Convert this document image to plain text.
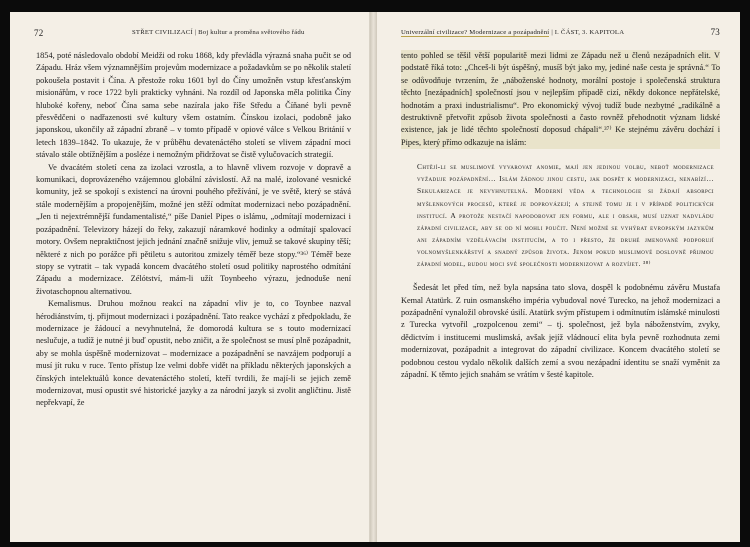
72	STŘET CIVILIZACÍ | Boj kultur a proměna světového řádu

1854, poté následovalo období Meidži od roku 1868, kdy převládla výrazná snaha pučit se od Západu. Hráz všem významnějším projevům modernizace a požadavkům se po několik staletí pokoušela postavit i Čína. A přestože roku 1601 byl do Číny umožněn vstup křesťanským misionářům, v roce 1722 byli prakticky vyhnáni. Na rozdíl od Japonska měla politika Číny hluboké kořeny, neboť Čína sama sebe nazírala jako říše Středu a Číňané byli pevně přesvědčeni o nadřazenosti své kultury všem ostatním. Čínskou izolaci, podobně jako japonskou, ukončily až západní zbraně – v tomto případě v opiové válce s Velkou Británií v letech 1839–1842. To ukazuje, že v průběhu devatenáctého století se vlivem západní moci stávalo stále obtížnějším a posléze i nemožným přidržovat se čistě vylučovacích strategií.

Ve dvacátém století cena za izolaci vzrostla, a to hlavně vlivem rozvoje v dopravě a komunikaci, doprovázeného vzájemnou globální závislostí. Až na malé, izolované vesnické komunity, jež se spokojí s existencí na úrovni pouhého přežívání, je ve světě, který se stává stále modernějším a propojenějším, možné jen stěží odmítat modernizaci nebo pozápadnění. „Jen ti nejextrémnější fundamentalisté,“ píše Daniel Pipes o islámu, „odmítají modernizaci i pozápadnění. Televizory házejí do řeky, zakazují náramkové hodinky a odmítají spalovací motory. Ovšem nepraktičnost jejich jednání značně snižuje vliv, jemuž se takové skupiny těší; některé z nich po porážce při pětiletu s autoritou zmizely téměř beze stopy.“³⁶⁾ Téměř beze stopy se vytratit – tak vypadá koncem dvacátého století osud politiky naprostého odmítání Západu a modernizace. Zélótství, mám-li užít Toynbeeho výrazu, jednoduše není životaschopnou alternativou.

Kemalismus. Druhou možnou reakcí na západní vliv je to, co Toynbee nazval hérodiánstvím, tj. přijmout modernizaci i pozápadnění. Tato reakce vychází z předpokladu, že modernizace je žádoucí a nevyhnutelná, že domorodá kultura se s touto modernizací neslučuje, a tudíž je nutné ji buď opustit, nebo zničit, a že společnost se musí plně pozápadnit, aby se mohla úspěšně modernizovat – modernizace a pozápadnění se navzájem podporují a musí jít ruku v ruce. Tento přístup lze velmi dobře vidět na příkladu některých japonských a čínských intelektuálů konce devatenáctého století, kteří tvrdili, že mají-li se jejich země modernizovat, musí opustit své historické jazyky a za národní jazyk si zvolit angličtinu. Jistě nepřekvapí, že

Univerzální civilizace? Modernizace a pozápadnění | I. ČÁST, 3. KAPITOLA	73

tento pohled se těšil větší popularitě mezi lidmi ze Západu než u členů nezápadních elit. V podstatě říká toto: „Chceš-li být úspěšný, musíš být jako my, jediné naše cesta je správná.“ To se odůvodňuje tvrzením, že „náboženské hodnoty, morální postoje i společenská struktura těchto [nezápadních] společností jsou v nejlepším případě cizí, někdy dokonce nepřátelské, hodnotám a praxi industrialismu“. Pro ekonomický vývoj tudíž bude nezbytné „radikálně a destruktivně přetvořit způsob života společnosti a často rovněž přehodnotit význam lidské existence, jak je lidé těchto společností doposud chápali“.³⁷⁾ Ke stejnému závěru dochází i Pipes, který přímo odkazuje na islám:

Chtějí-li se muslimové vyvarovat anomie, mají jen jedinou volbu, neboť modernizace vyžaduje pozápadnění… Islám žádnou jinou cestu, jak dospět k modernizaci, nenabízí… Sekularizace je nevyhnutelná. Moderní věda a technologie si žádají absorpci myšlenkových procesů, které je doprovázejí; a stejně tomu je i v případě politických institucí. A protože nestačí napodobovat jen formu, ale i obsah, musí uznat nadvládu západní civilizace, aby se od ní mohli poučit. Není možné se vyhýbat evropským jazykům ani západním vzdělávacím institucím, a to i přesto, že druhé jmenované podporují volnomyšlenkářství a snadný způsob života. Jenom pokud muslimové doslovně přijmou západní model, budou moci své společnosti modernizovat a rozvíjet. ³⁸⁾

Šedesát let před tím, než byla napsána tato slova, dospěl k podobnému závěru Mustafa Kemal Atatürk. Z ruin osmanského impéria vybudoval nové Turecko, na jehož modernizaci a pozápadnění vynaložil obrovské úsilí. Atatürk svým přístupem i odmítnutím islámské minulosti z Turecka vytvořil „rozpolcenou zemi“ – tj. společnost, jež byla náboženstvím, zvyky, dědictvím i institucemi muslimská, avšak jejíž vládnoucí elita byla pevně rozhodnuta zemi modernizovat, pozápadnit a integrovat do západní civilizace. Koncem dvacátého století se podobnou cestou vydalo několik dalších zemí a svou nezápadní identitu se snaží vyměnit za západní. K těmto jejich snahám se vrátím v šesté kapitole.
